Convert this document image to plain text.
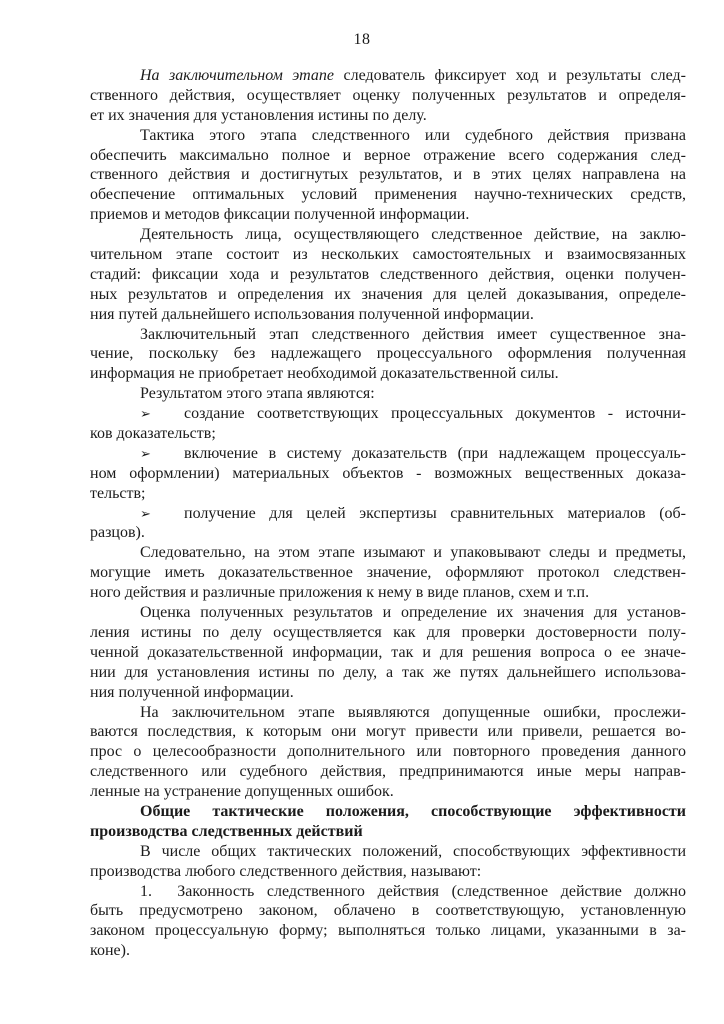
18
На заключительном этапе следователь фиксирует ход и результаты след-
ственного действия, осуществляет оценку полученных результатов и определя-
ет их значения для установления истины по делу.
Тактика этого этапа следственного или судебного действия призвана
обеспечить максимально полное и верное отражение всего содержания след-
ственного действия и достигнутых результатов, и в этих целях направлена на
обеспечение оптимальных условий применения научно-технических средств,
приемов и методов фиксации полученной информации.
Деятельность лица, осуществляющего следственное действие, на заклю-
чительном этапе состоит из нескольких самостоятельных и взаимосвязанных
стадий: фиксации хода и результатов следственного действия, оценки получен-
ных результатов и определения их значения для целей доказывания, определе-
ния путей дальнейшего использования полученной информации.
Заключительный этап следственного действия имеет существенное зна-
чение, поскольку без надлежащего процессуального оформления полученная
информация не приобретает необходимой доказательственной силы.
Результатом этого этапа являются:
➢ создание соответствующих процессуальных документов - источни-
ков доказательств;
➢ включение в систему доказательств (при надлежащем процессуаль-
ном оформлении) материальных объектов - возможных вещественных доказа-
тельств;
➢ получение для целей экспертизы сравнительных материалов (об-
разцов).
Следовательно, на этом этапе изымают и упаковывают следы и предметы,
могущие иметь доказательственное значение, оформляют протокол следствен-
ного действия и различные приложения к нему в виде планов, схем и т.п.
Оценка полученных результатов и определение их значения для установ-
ления истины по делу осуществляется как для проверки достоверности полу-
ченной доказательственной информации, так и для решения вопроса о ее значе-
нии для установления истины по делу, а так же путях дальнейшего использова-
ния полученной информации.
На заключительном этапе выявляются допущенные ошибки, прослежи-
ваются последствия, к которым они могут привести или привели, решается во-
прос о целесообразности дополнительного или повторного проведения данного
следственного или судебного действия, предпринимаются иные меры направ-
ленные на устранение допущенных ошибок.
Общие тактические положения, способствующие эффективности
производства следственных действий
В числе общих тактических положений, способствующих эффективности
производства любого следственного действия, называют:
1.  Законность следственного действия (следственное действие должно
быть предусмотрено законом, облачено в соответствующую, установленную
законом процессуальную форму; выполняться только лицами, указанными в за-
коне).
